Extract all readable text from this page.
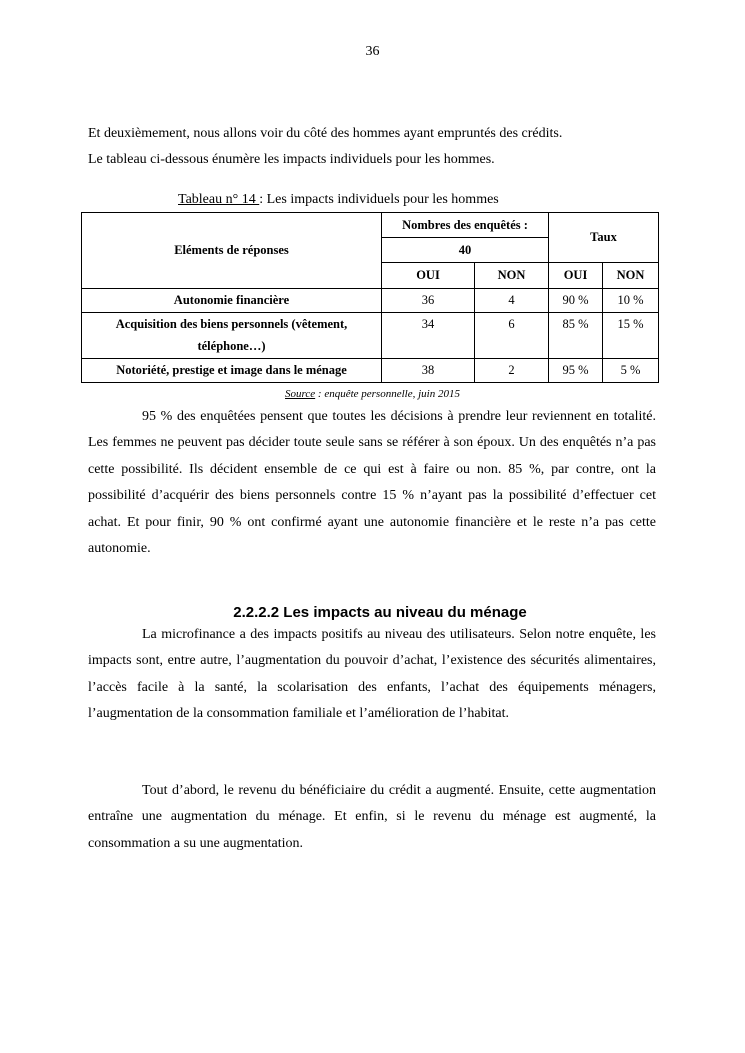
36
Et deuxièmement, nous allons voir du côté des hommes ayant empruntés des crédits.
Le tableau ci-dessous énumère les impacts individuels pour les hommes.
Tableau n° 14 : Les impacts individuels pour les hommes
Eléments de réponses	Nombres des enquêtés :		Taux	
	40			
	OUI	NON	OUI	NON
Autonomie financière	36	4	90 %	10 %

Acquisition des biens personnels (vêtement,
téléphone…)	34	6	85 %	15 %
Notoriété, prestige et image dans le ménage	38	2	95 %	5 %
Source : enquête personnelle, juin 2015
95 % des enquêtées pensent que toutes les décisions à prendre leur reviennent en totalité. Les femmes ne peuvent pas décider toute seule sans se référer à son époux. Un des enquêtés n’a pas cette possibilité. Ils décident ensemble de ce qui est à faire ou non. 85 %, par contre, ont la possibilité d’acquérir des biens personnels contre 15 % n’ayant pas la possibilité d’effectuer cet achat. Et pour finir, 90 % ont confirmé ayant une autonomie financière et le reste n’a pas cette autonomie.
2.2.2.2 Les impacts au niveau du ménage
La microfinance a des impacts positifs au niveau des utilisateurs. Selon notre enquête, les impacts sont, entre autre, l’augmentation du pouvoir d’achat, l’existence des sécurités alimentaires, l’accès facile à la santé, la scolarisation des enfants, l’achat des équipements ménagers, l’augmentation de la consommation familiale et l’amélioration de l’habitat.
Tout d’abord, le revenu du bénéficiaire du crédit a augmenté. Ensuite, cette augmentation entraîne une augmentation du ménage. Et enfin, si le revenu du ménage est augmenté, la consommation a su une augmentation.
